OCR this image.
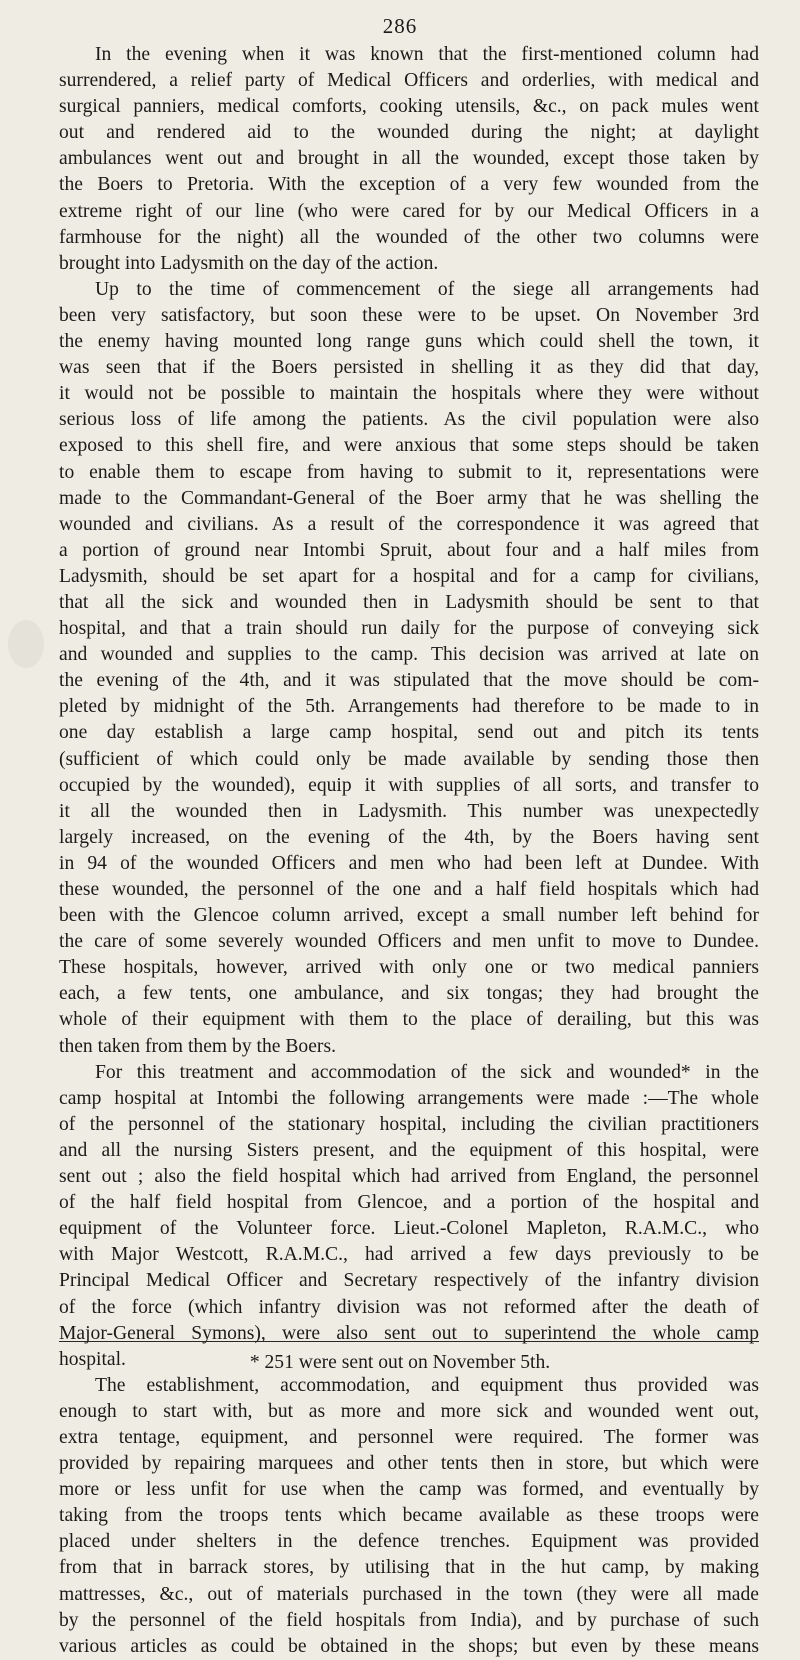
286
In the evening when it was known that the first-mentioned column had
surrendered, a relief party of Medical Officers and orderlies, with medical and
surgical panniers, medical comforts, cooking utensils, &c., on pack mules went
out and rendered aid to the wounded during the night; at daylight
ambulances went out and brought in all the wounded, except those taken by
the Boers to Pretoria. With the exception of a very few wounded from the
extreme right of our line (who were cared for by our Medical Officers in a
farmhouse for the night) all the wounded of the other two columns were
brought into Ladysmith on the day of the action.
Up to the time of commencement of the siege all arrangements had
been very satisfactory, but soon these were to be upset. On November 3rd
the enemy having mounted long range guns which could shell the town, it
was seen that if the Boers persisted in shelling it as they did that day,
it would not be possible to maintain the hospitals where they were without
serious loss of life among the patients. As the civil population were also
exposed to this shell fire, and were anxious that some steps should be taken
to enable them to escape from having to submit to it, representations were
made to the Commandant-General of the Boer army that he was shelling the
wounded and civilians. As a result of the correspondence it was agreed that
a portion of ground near Intombi Spruit, about four and a half miles from
Ladysmith, should be set apart for a hospital and for a camp for civilians,
that all the sick and wounded then in Ladysmith should be sent to that
hospital, and that a train should run daily for the purpose of conveying sick
and wounded and supplies to the camp. This decision was arrived at late on
the evening of the 4th, and it was stipulated that the move should be com-
pleted by midnight of the 5th. Arrangements had therefore to be made to in
one day establish a large camp hospital, send out and pitch its tents
(sufficient of which could only be made available by sending those then
occupied by the wounded), equip it with supplies of all sorts, and transfer to
it all the wounded then in Ladysmith. This number was unexpectedly
largely increased, on the evening of the 4th, by the Boers having sent
in 94 of the wounded Officers and men who had been left at Dundee. With
these wounded, the personnel of the one and a half field hospitals which had
been with the Glencoe column arrived, except a small number left behind for
the care of some severely wounded Officers and men unfit to move to Dundee.
These hospitals, however, arrived with only one or two medical panniers
each, a few tents, one ambulance, and six tongas; they had brought the
whole of their equipment with them to the place of derailing, but this was
then taken from them by the Boers.
For this treatment and accommodation of the sick and wounded* in the
camp hospital at Intombi the following arrangements were made :—The whole
of the personnel of the stationary hospital, including the civilian practitioners
and all the nursing Sisters present, and the equipment of this hospital, were
sent out ; also the field hospital which had arrived from England, the personnel
of the half field hospital from Glencoe, and a portion of the hospital and
equipment of the Volunteer force. Lieut.-Colonel Mapleton, R.A.M.C., who
with Major Westcott, R.A.M.C., had arrived a few days previously to be
Principal Medical Officer and Secretary respectively of the infantry division
of the force (which infantry division was not reformed after the death of
Major-General Symons), were also sent out to superintend the whole camp
hospital.
The establishment, accommodation, and equipment thus provided was
enough to start with, but as more and more sick and wounded went out,
extra tentage, equipment, and personnel were required. The former was
provided by repairing marquees and other tents then in store, but which were
more or less unfit for use when the camp was formed, and eventually by
taking from the troops tents which became available as these troops were
placed under shelters in the defence trenches. Equipment was provided
from that in barrack stores, by utilising that in the hut camp, by making
mattresses, &c., out of materials purchased in the town (they were all made
by the personnel of the field hospitals from India), and by purchase of such
various articles as could be obtained in the shops; but even by these means
* 251 were sent out on November 5th.
